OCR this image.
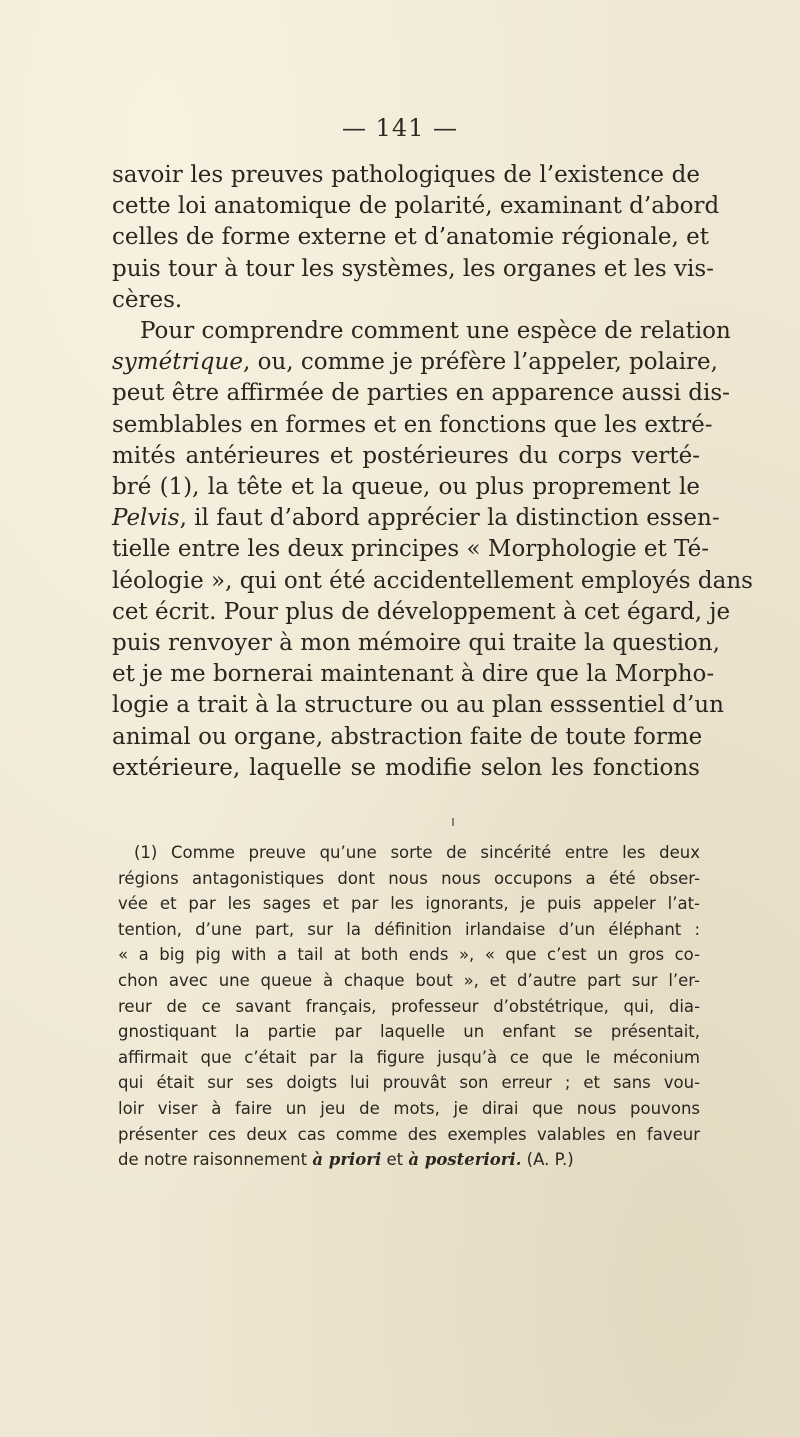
— 141 —
savoir les preuves pathologiques de l’existence de
cette loi anatomique de polarité, examinant d’abord
celles de forme externe et d’anatomie régionale, et
puis tour à tour les systèmes, les organes et les vis-
cères.
Pour comprendre comment une espèce de relation
symétrique, ou, comme je préfère l’appeler, polaire,
peut être affirmée de parties en apparence aussi dis-
semblables en formes et en fonctions que les extré-
mités antérieures et postérieures du corps verté-
bré (1), la tête et la queue, ou plus proprement le
Pelvis, il faut d’abord apprécier la distinction essen-
tielle entre les deux principes « Morphologie et Té-
léologie », qui ont été accidentellement employés dans
cet écrit. Pour plus de développement à cet égard, je
puis renvoyer à mon mémoire qui traite la question,
et je me bornerai maintenant à dire que la Morpho-
logie a trait à la structure ou au plan esssentiel d’un
animal ou organe, abstraction faite de toute forme
extérieure, laquelle se modifie selon les fonctions
(1) Comme preuve qu’une sorte de sincérité entre les deux
régions antagonistiques dont nous nous occupons a été obser-
vée et par les sages et par les ignorants, je puis appeler l’at-
tention, d’une part, sur la définition irlandaise d’un éléphant :
« a big pig with a tail at both ends », « que c’est un gros co-
chon avec une queue à chaque bout », et d’autre part sur l’er-
reur de ce savant français, professeur d’obstétrique, qui, dia-
gnostiquant la partie par laquelle un enfant se présentait,
affirmait que c’était par la figure jusqu’à ce que le méconium
qui était sur ses doigts lui prouvât son erreur ; et sans vou-
loir viser à faire un jeu de mots, je dirai que nous pouvons
présenter ces deux cas comme des exemples valables en faveur
de notre raisonnement à priori et à posteriori. (A. P.)
